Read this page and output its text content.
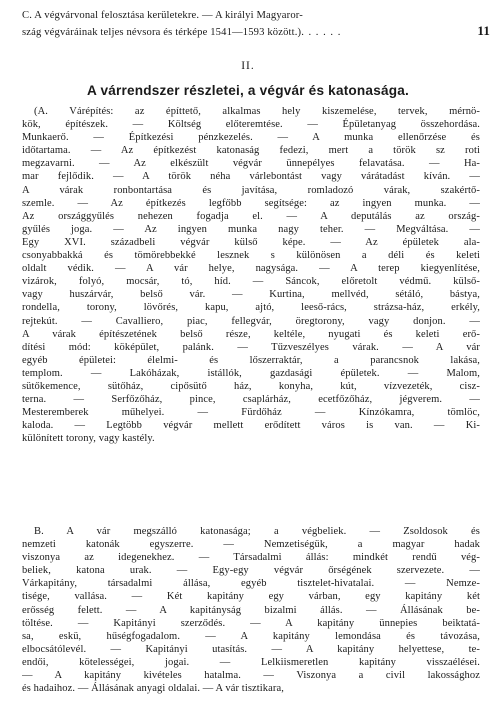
C. A végvárvonal felosztása kerületekre. — A királyi Magyaror-
szág végváráinak teljes névsora és térképe 1541—1593 között.) . . . . . .	11
II.
A várrendszer részletei, a végvár és katonasága.
(A. Várépítés: az építtető, alkalmas hely kiszemelése, tervek, mérnö-
kök, építészek. — Költség előteremtése. — Épületanyag összehordása.
Munkaerő. — Építkezési pénzkezelés. — A munka ellenőrzése és
időtartama. — Az építkezést katonaság fedezi, mert a török sz roti
megzavarni. — Az elkészült végvár ünnepélyes felavatása. — Ha-
mar fejlődik. — A török néha várlebontást vagy várátadást kíván. —
A várak ronbontartása és javítása, romladozó várak, szakértő-
szemle. — Az építkezés legfőbb segítsége: az ingyen munka. —
Az országgyűlés nehezen fogadja el. — A deputálás az ország-
gyűlés joga. — Az ingyen munka nagy teher. — Megváltása. —
Egy XVI. századbeli végvár külső képe. — Az épületek ala-
csonyabbakká és tömörebbekké lesznek s különösen a déli és keleti
oldalt védik. — A vár helye, nagysága. — A terep kiegyenlítése,
vizárok, folyó, mocsár, tó, híd. — Sáncok, előretolt védmű. külső-
vagy huszárvár, belső vár. — Kurtina, mellvéd, sétáló, bástya,
rondella, torony, lövőrés, kapu, ajtó, leeső-rács, strázsa-ház, erkély,
rejtekút. — Cavalliero, piac, fellegvár, öregtorony, vagy donjon. —
A várak építészetének belső része, keltéle, nyugati és keleti erő-
dítési mód: köképület, palánk. — Tűzveszélyes várak. — A vár
egyéb épületei: élelmi- és lőszerraktár, a parancsnok lakása,
templom. — Lakóházak, istállók, gazdasági épületek. — Malom,
sütőkemence, sütőház, cipősütő ház, konyha, kút, vízvezeték, cisz-
terna. — Serfőzőház, pince, csaplárház, ecetfőzőház, jégverem. —
Mesteremberek műhelyei. — Fürdőház — Kínzókamra, tömlöc,
kaloda. — Legtöbb végvár mellett erődített város is van. — Ki-
különített torony, vagy kastély.
B. A vár megszálló katonasága; a végbeliek. — Zsoldosok és
nemzeti katonák egyszerre. — Nemzetiségük, a magyar hadak
viszonya az idegenekhez. — Társadalmi állás: mindkét rendű vég-
beliek, katona urak. — Egy-egy végvár őrségének szervezete. —
Várkapitány, társadalmi állása, egyéb tisztelet-hivatalai. — Nemze-
tisége, vallása. — Két kapitány egy várban, egy kapitány két
erősség felett. — A kapitányság bizalmi állás. — Állásának be-
töltése. — Kapitányi szerződés. — A kapitány ünnepies beiktatá-
sa, eskü, hűségfogadalom. — A kapitány lemondása és távozása,
elbocsátólevél. — Kapitányi utasítás. — A kapitány helyettese, te-
endői, kötelességei, jogai. — Lelkiismeretlen kapitány visszaélései.
— A kapitány kivételes hatalma. — Viszonya a civil lakossághoz
és hadaihoz. — Állásának anyagi oldalai. — A vár tisztikara,
